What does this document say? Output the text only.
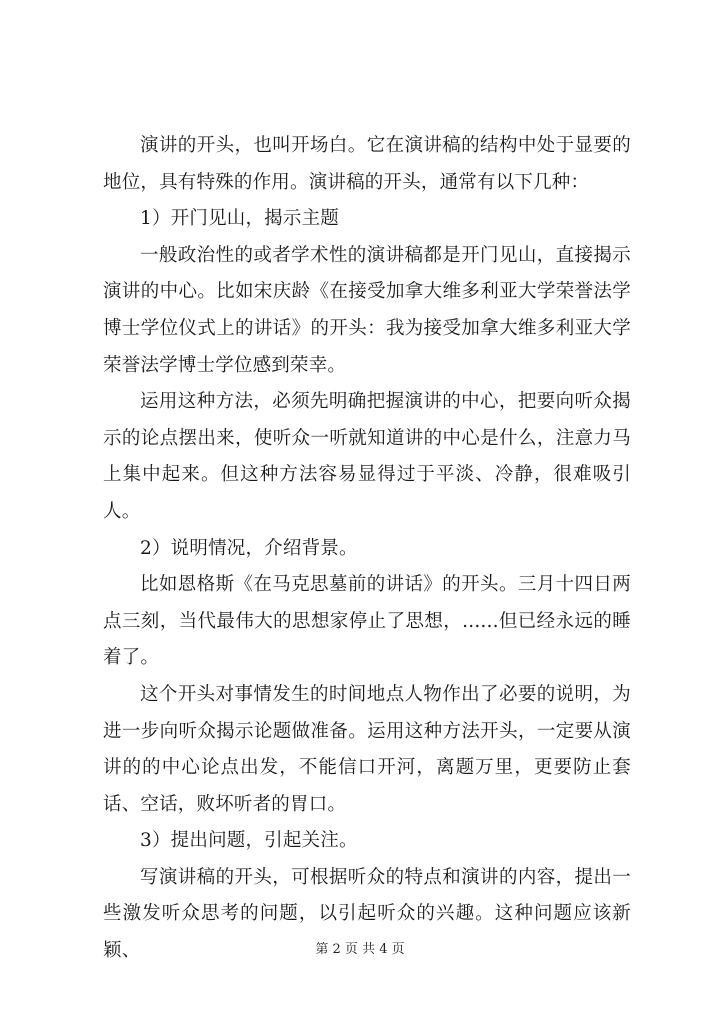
演讲的开头，也叫开场白。它在演讲稿的结构中处于显要的地位，具有特殊的作用。演讲稿的开头，通常有以下几种：

1）开门见山，揭示主题

一般政治性的或者学术性的演讲稿都是开门见山，直接揭示演讲的中心。比如宋庆龄《在接受加拿大维多利亚大学荣誉法学博士学位仪式上的讲话》的开头：我为接受加拿大维多利亚大学荣誉法学博士学位感到荣幸。

运用这种方法，必须先明确把握演讲的中心，把要向听众揭示的论点摆出来，使听众一听就知道讲的中心是什么，注意力马上集中起来。但这种方法容易显得过于平淡、冷静，很难吸引人。

2）说明情况，介绍背景。

比如恩格斯《在马克思墓前的讲话》的开头。三月十四日两点三刻，当代最伟大的思想家停止了思想，......但已经永远的睡着了。

这个开头对事情发生的时间地点人物作出了必要的说明，为进一步向听众揭示论题做准备。运用这种方法开头，一定要从演讲的的中心论点出发，不能信口开河，离题万里，更要防止套话、空话，败坏听者的胃口。

3）提出问题，引起关注。

写演讲稿的开头，可根据听众的特点和演讲的内容，提出一些激发听众思考的问题，以引起听众的兴趣。这种问题应该新颖、	第 2 页 共 4 页
